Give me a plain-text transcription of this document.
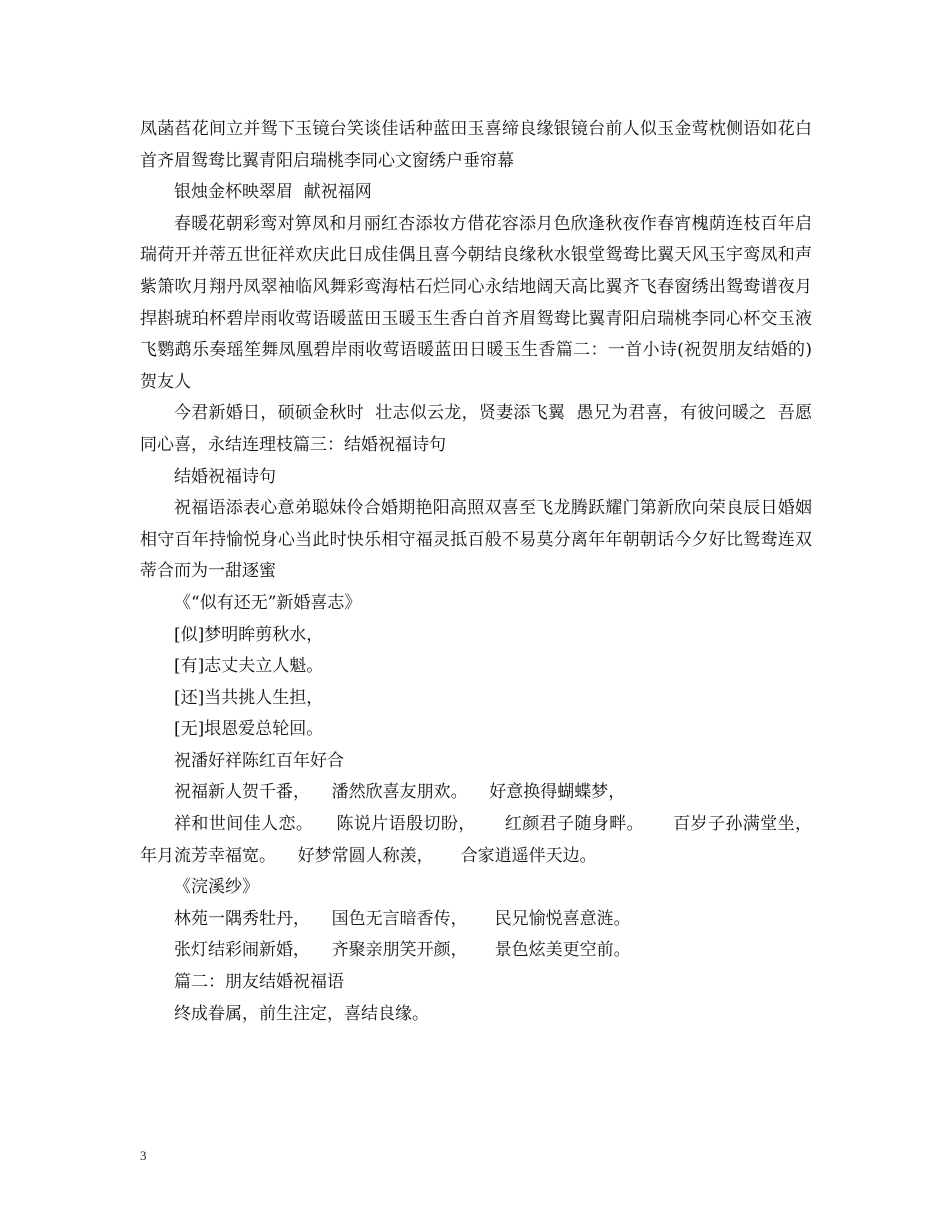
凤菡萏花间立并鸳下玉镜台笑谈佳话种蓝田玉喜缔良缘银镜台前人似玉金莺枕侧语如花白首齐眉鸳鸯比翼青阳启瑞桃李同心文窗绣户垂帘幕

银烛金杯映翠眉  献祝福网

春暖花朝彩鸾对箅凤和月丽红杏添妆方借花容添月色欣逢秋夜作春宵槐荫连枝百年启瑞荷开并蒂五世征祥欢庆此日成佳偶且喜今朝结良缘秋水银堂鸳鸯比翼天风玉宇鸾凤和声紫箫吹月翔丹凤翠袖临风舞彩鸾海枯石烂同心永结地阔天高比翼齐飞春窗绣出鸳鸯谱夜月捍斟琥珀杯碧岸雨收莺语暖蓝田玉暖玉生香白首齐眉鸳鸯比翼青阳启瑞桃李同心杯交玉液飞鹦鹉乐奏瑶笙舞凤凰碧岸雨收莺语暖蓝田日暖玉生香篇二：一首小诗(祝贺朋友结婚的)贺友人

今君新婚日，硕硕金秋时  壮志似云龙，贤妻添飞翼  愚兄为君喜，有彼问暖之  吾愿同心喜，永结连理枝篇三：结婚祝福诗句

结婚祝福诗句

祝福语添表心意弟聪妹伶合婚期艳阳高照双喜至飞龙腾跃耀门第新欣向荣良辰日婚姻相守百年持愉悦身心当此时快乐相守福灵抵百般不易莫分离年年朝朝话今夕好比鸳鸯连双蒂合而为一甜逐蜜

《“似有还无”新婚喜志》

[似]梦明眸剪秋水，

[有]志丈夫立人魁。

[还]当共挑人生担，

[无]垠恩爱总轮回。

祝潘好祥陈红百年好合

祝福新人贺千番，    潘然欣喜友朋欢。    好意换得蝴蝶梦，

祥和世间佳人恋。    陈说片语殷切盼，     红颜君子随身畔。     百岁子孙满堂坐，    年月流芳幸福宽。    好梦常圆人称羡，     合家逍遥伴天边。

《浣溪纱》

林苑一隅秀牡丹，    国色无言暗香传，     民兄愉悦喜意涟。

张灯结彩闹新婚，    齐聚亲朋笑开颜，     景色炫美更空前。

篇二：朋友结婚祝福语

终成眷属，前生注定，喜结良缘。

3
